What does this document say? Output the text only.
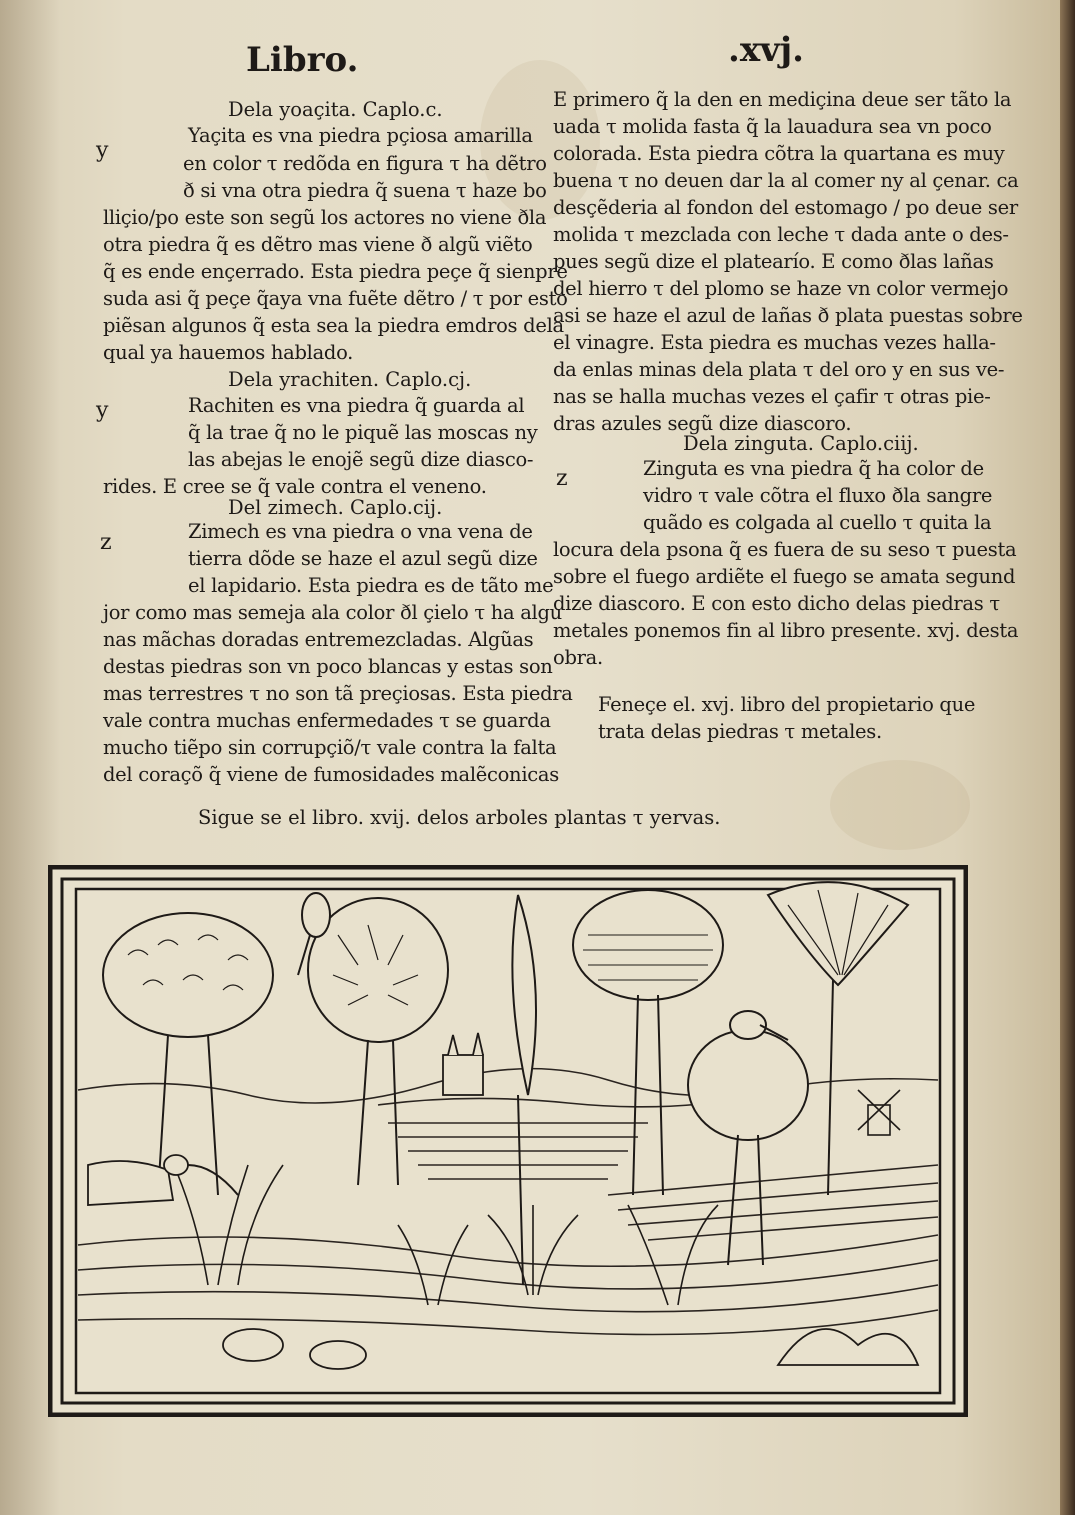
Libro.	.xvj.
Dela yoaçita. Caplo.c.
Yaçita es vna piedra pçiosa amarilla
en color τ redõda en figura τ ha dẽtro
ð si vna otra piedra q̃ suena τ haze bo
lliçio/po este son segũ los actores no viene ðla
otra piedra q̃ es dẽtro mas viene ð algũ viẽto
q̃ es ende ençerrado. Esta piedra peçe q̃ sienpre
suda asi q̃ peçe q̃aya vna fuẽte dẽtro / τ por esto
piẽsan algunos q̃ esta sea la piedra emdros dela
qual ya hauemos hablado.
Dela yrachiten. Caplo.cj.
Rachiten es vna piedra q̃ guarda al
q̃ la trae q̃ no le piquẽ las moscas ny
las abejas le enojẽ segũ dize diasco-
rides. E cree se q̃ vale contra el veneno.
Del zimech. Caplo.cij.
Zimech es vna piedra o vna vena de
tierra dõde se haze el azul segũ dize
el lapidario. Esta piedra es de tãto me
jor como mas semeja ala color ðl çielo τ ha algu
nas mãchas doradas entremezcladas. Algũas
destas piedras son vn poco blancas y estas son
mas terrestres τ no son tã preçiosas. Esta piedra
vale contra muchas enfermedades τ se guarda
mucho tiẽpo sin corrupçiõ/τ vale contra la falta
del coraçõ q̃ viene de fumosidades malẽconicas
y
y
z
E primero q̃ la den en mediçina deue ser tãto la
uada τ molida fasta q̃ la lauadura sea vn poco
colorada. Esta piedra cõtra la quartana es muy
buena τ no deuen dar la al comer ny al çenar. ca
desçẽderia al fondon del estomago / po deue ser
molida τ mezclada con leche τ dada ante o des-
pues segũ dize el platearío. E como ðlas lañas
del hierro τ del plomo se haze vn color vermejo
asi se haze el azul de lañas ð plata puestas sobre
el vinagre. Esta piedra es muchas vezes halla-
da enlas minas dela plata τ del oro y en sus ve-
nas se halla muchas vezes el çafir τ otras pie-
dras azules segũ dize diascoro.
Dela zinguta. Caplo.ciij.
Zinguta es vna piedra q̃ ha color de
vidro τ vale cõtra el fluxo ðla sangre
quãdo es colgada al cuello τ quita la
locura dela psona q̃ es fuera de su seso τ puesta
sobre el fuego ardiẽte el fuego se amata segund
dize diascoro. E con esto dicho delas piedras τ
metales ponemos fin al libro presente. xvj. desta
obra.
Feneçe el. xvj. libro del propietario que
trata delas piedras τ metales.
z
Sigue se el libro. xvij. delos arboles plantas τ yervas.
